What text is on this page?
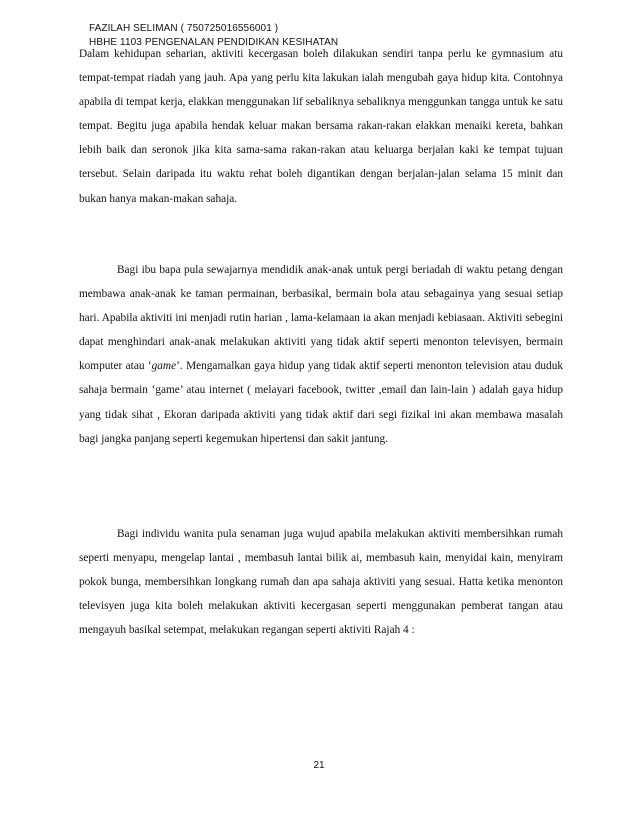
FAZILAH SELIMAN ( 750725016556001 )
HBHE 1103 PENGENALAN PENDIDIKAN KESIHATAN

Dalam kehidupan seharian, aktiviti kecergasan boleh dilakukan sendiri tanpa perlu ke gymnasium atu tempat-tempat riadah yang jauh. Apa yang perlu kita lakukan ialah mengubah gaya hidup kita. Contohnya apabila di tempat kerja, elakkan menggunakan lif sebaliknya sebaliknya menggunkan tangga untuk ke satu tempat. Begitu juga apabila hendak keluar makan bersama rakan-rakan elakkan menaiki kereta, bahkan lebih baik dan seronok jika kita sama-sama rakan-rakan atau keluarga berjalan kaki ke tempat tujuan tersebut. Selain daripada itu waktu rehat boleh digantikan dengan berjalan-jalan selama 15 minit dan bukan hanya makan-makan sahaja.

Bagi ibu bapa pula sewajarnya mendidik anak-anak untuk pergi beriadah di waktu petang dengan membawa anak-anak ke taman permainan, berbasikal, bermain bola atau sebagainya yang sesuai setiap hari. Apabila aktiviti ini menjadi rutin harian , lama-kelamaan ia akan menjadi kebiasaan. Aktiviti sebegini dapat menghindari anak-anak melakukan aktiviti yang tidak aktif seperti menonton televisyen, bermain komputer atau ‘game’. Mengamalkan gaya hidup yang tidak aktif seperti menonton television atau duduk sahaja bermain ‘game’ atau internet ( melayari facebook, twitter ,email dan lain-lain ) adalah gaya hidup yang tidak sihat , Ekoran daripada aktiviti yang tidak aktif dari segi fizikal ini akan membawa masalah bagi jangka panjang seperti kegemukan hipertensi dan sakit jantung.

Bagi individu wanita pula senaman juga wujud apabila melakukan aktiviti membersihkan rumah seperti menyapu, mengelap lantai , membasuh lantai bilik ai, membasuh kain, menyidai kain, menyiram pokok bunga, membersihkan longkang rumah dan apa sahaja aktiviti yang sesuai. Hatta ketika menonton televisyen juga kita boleh melakukan aktiviti kecergasan seperti menggunakan pemberat tangan atau mengayuh basikal setempat, melakukan regangan seperti aktiviti Rajah 4 :

21
